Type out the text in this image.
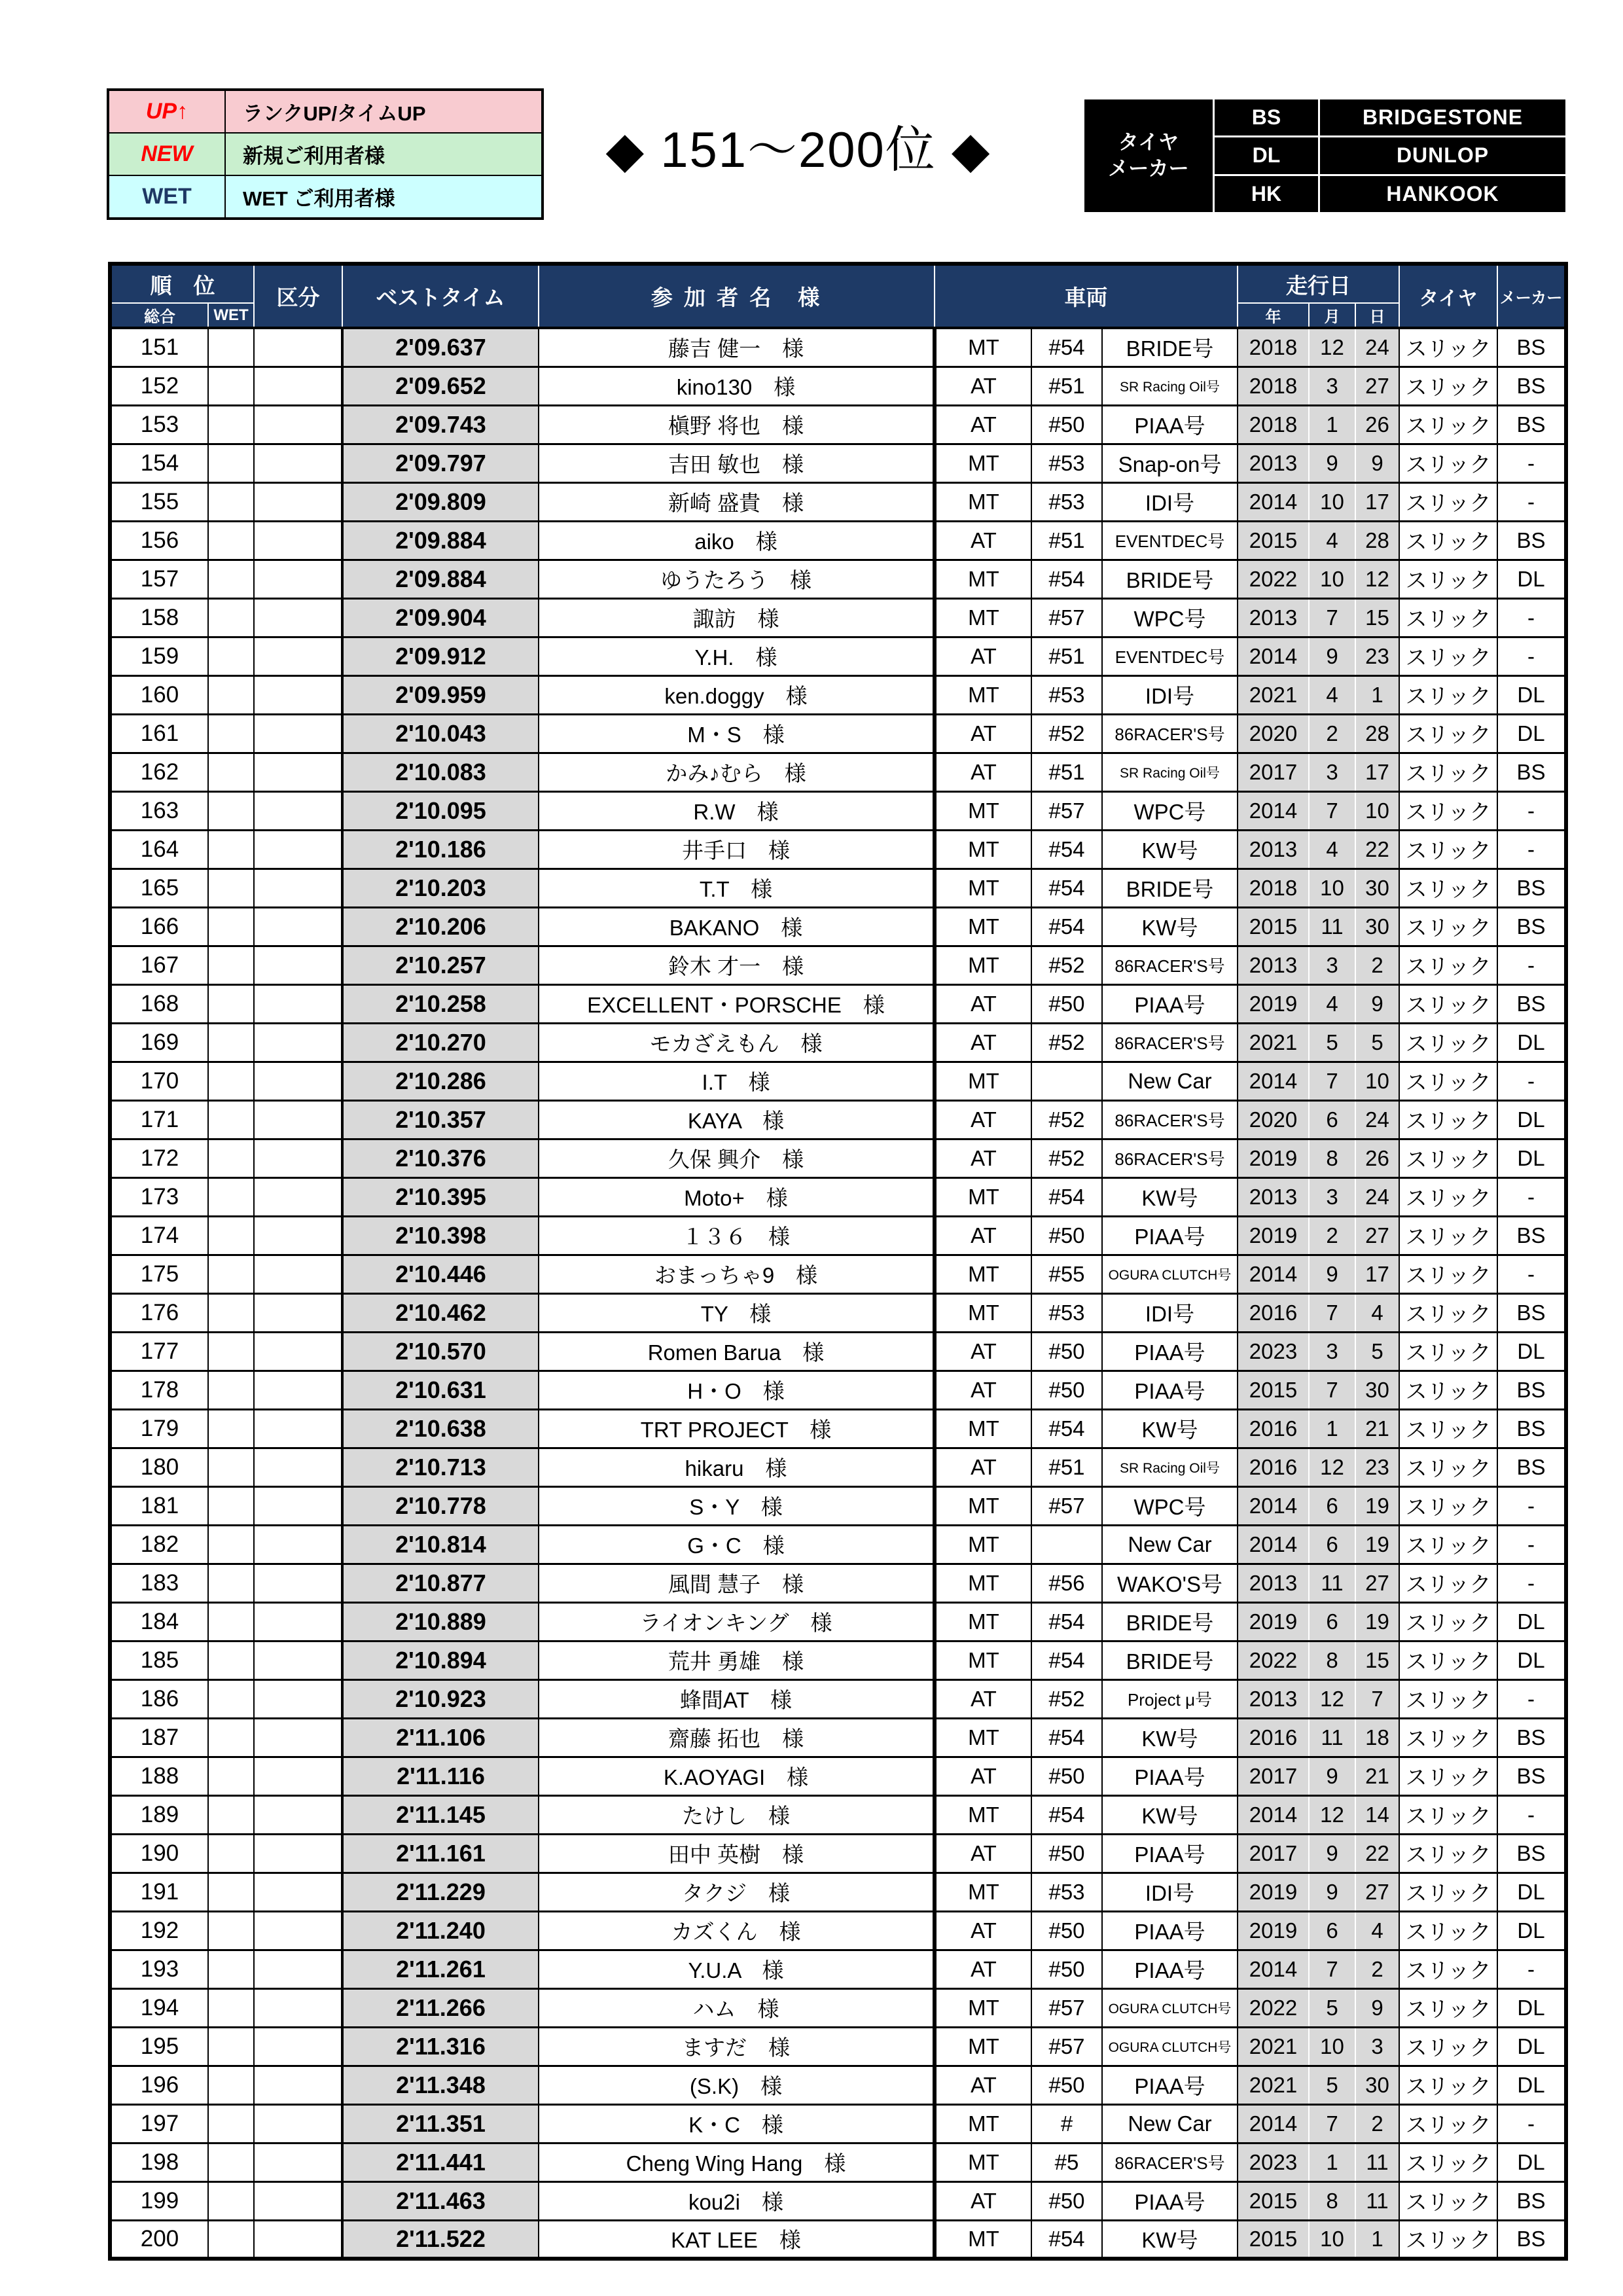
UP↑	ランクUP/タイムUP
NEW	新規ご利用者様
WET	WET ご利用者様
◆ 151～200位 ◆	タイヤ
メーカー
BS	BRIDGESTONE
DL	DUNLOP
HK	HANKOOK
順　位		区分	ベストタイム	参 加 者 名　様	車両			走行日			タイヤ	メーカー
総合	WET							年	月	日		
151			2'09.637	藤吉 健一　様	MT	#54	BRIDE号	2018	12	24	スリック	BS
152			2'09.652	kino130　様	AT	#51	SR Racing Oil号	2018	3	27	スリック	BS
153			2'09.743	槇野 将也　様	AT	#50	PIAA号	2018	1	26	スリック	BS
154			2'09.797	吉田 敏也　様	MT	#53	Snap-on号	2013	9	9	スリック	-
155			2'09.809	新崎 盛貴　様	MT	#53	IDI号	2014	10	17	スリック	-
156			2'09.884	aiko　様	AT	#51	EVENTDEC号	2015	4	28	スリック	BS
157			2'09.884	ゆうたろう　様	MT	#54	BRIDE号	2022	10	12	スリック	DL
158			2'09.904	諏訪　様	MT	#57	WPC号	2013	7	15	スリック	-
159			2'09.912	Y.H.　様	AT	#51	EVENTDEC号	2014	9	23	スリック	-
160			2'09.959	ken.doggy　様	MT	#53	IDI号	2021	4	1	スリック	DL
161			2'10.043	M・S　様	AT	#52	86RACER'S号	2020	2	28	スリック	DL
162			2'10.083	かみ♪むら　様	AT	#51	SR Racing Oil号	2017	3	17	スリック	BS
163			2'10.095	R.W　様	MT	#57	WPC号	2014	7	10	スリック	-
164			2'10.186	井手口　様	MT	#54	KW号	2013	4	22	スリック	-
165			2'10.203	T.T　様	MT	#54	BRIDE号	2018	10	30	スリック	BS
166			2'10.206	BAKANO　様	MT	#54	KW号	2015	11	30	スリック	BS
167			2'10.257	鈴木 才一　様	MT	#52	86RACER'S号	2013	3	2	スリック	-
168			2'10.258	EXCELLENT・PORSCHE　様	AT	#50	PIAA号	2019	4	9	スリック	BS
169			2'10.270	モカざえもん　様	AT	#52	86RACER'S号	2021	5	5	スリック	DL
170			2'10.286	I.T　様	MT		New Car	2014	7	10	スリック	-
171			2'10.357	KAYA　様	AT	#52	86RACER'S号	2020	6	24	スリック	DL
172			2'10.376	久保 興介　様	AT	#52	86RACER'S号	2019	8	26	スリック	DL
173			2'10.395	Moto+　様	MT	#54	KW号	2013	3	24	スリック	-
174			2'10.398	１３６　様	AT	#50	PIAA号	2019	2	27	スリック	BS
175			2'10.446	おまっちゃ9　様	MT	#55	OGURA CLUTCH号	2014	9	17	スリック	-
176			2'10.462	TY　様	MT	#53	IDI号	2016	7	4	スリック	BS
177			2'10.570	Romen Barua　様	AT	#50	PIAA号	2023	3	5	スリック	DL
178			2'10.631	H・O　様	AT	#50	PIAA号	2015	7	30	スリック	BS
179			2'10.638	TRT PROJECT　様	MT	#54	KW号	2016	1	21	スリック	BS
180			2'10.713	hikaru　様	AT	#51	SR Racing Oil号	2016	12	23	スリック	BS
181			2'10.778	S・Y　様	MT	#57	WPC号	2014	6	19	スリック	-
182			2'10.814	G・C　様	MT		New Car	2014	6	19	スリック	-
183			2'10.877	風間 慧子　様	MT	#56	WAKO'S号	2013	11	27	スリック	-
184			2'10.889	ライオンキング　様	MT	#54	BRIDE号	2019	6	19	スリック	DL
185			2'10.894	荒井 勇雄　様	MT	#54	BRIDE号	2022	8	15	スリック	DL
186			2'10.923	蜂間AT　様	AT	#52	Project μ号	2013	12	7	スリック	-
187			2'11.106	齋藤 拓也　様	MT	#54	KW号	2016	11	18	スリック	BS
188			2'11.116	K.AOYAGI　様	AT	#50	PIAA号	2017	9	21	スリック	BS
189			2'11.145	たけし　様	MT	#54	KW号	2014	12	14	スリック	-
190			2'11.161	田中 英樹　様	AT	#50	PIAA号	2017	9	22	スリック	BS
191			2'11.229	タクジ　様	MT	#53	IDI号	2019	9	27	スリック	DL
192			2'11.240	カズくん　様	AT	#50	PIAA号	2019	6	4	スリック	DL
193			2'11.261	Y.U.A　様	AT	#50	PIAA号	2014	7	2	スリック	-
194			2'11.266	ハム　様	MT	#57	OGURA CLUTCH号	2022	5	9	スリック	DL
195			2'11.316	ますだ　様	MT	#57	OGURA CLUTCH号	2021	10	3	スリック	DL
196			2'11.348	(S.K)　様	AT	#50	PIAA号	2021	5	30	スリック	DL
197			2'11.351	K・C　様	MT	#	New Car	2014	7	2	スリック	-
198			2'11.441	Cheng Wing Hang　様	MT	#5	86RACER'S号	2023	1	11	スリック	DL
199			2'11.463	kou2i　様	AT	#50	PIAA号	2015	8	11	スリック	BS
200			2'11.522	KAT LEE　様	MT	#54	KW号	2015	10	1	スリック	BS
